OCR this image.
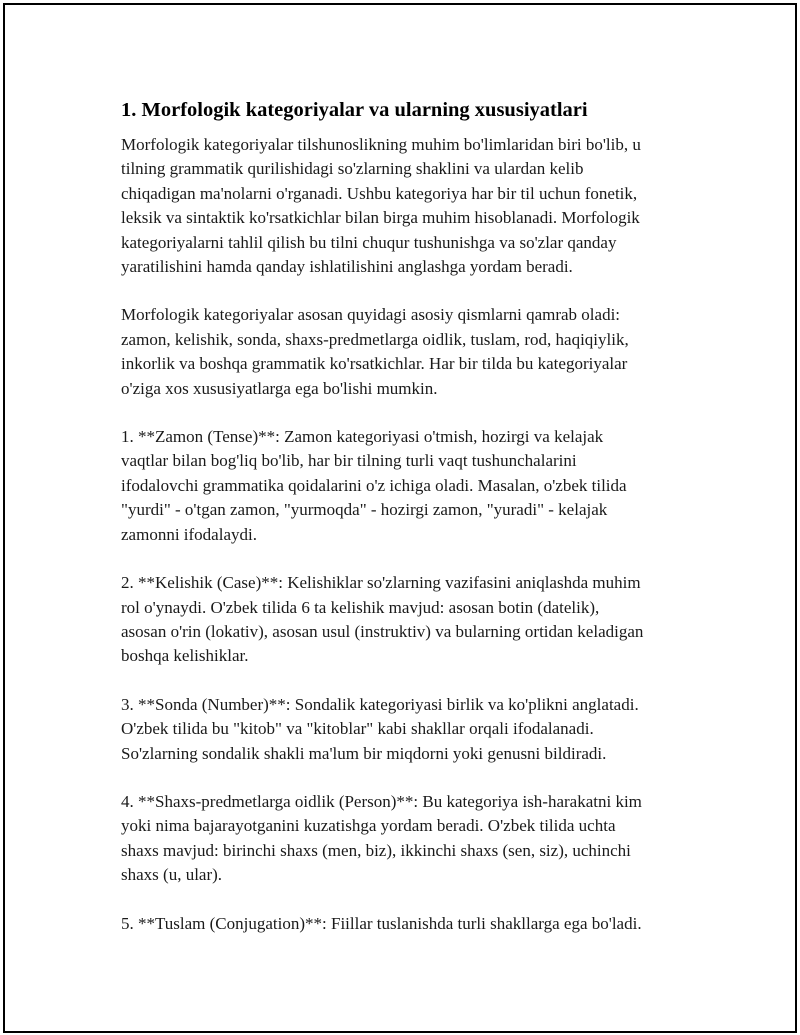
1. Morfologik kategoriyalar va ularning xususiyatlari

Morfologik kategoriyalar tilshunoslikning muhim bo'limlaridan biri bo'lib, u
tilning grammatik qurilishidagi so'zlarning shaklini va ulardan kelib
chiqadigan ma'nolarni o'rganadi. Ushbu kategoriya har bir til uchun fonetik,
leksik va sintaktik ko'rsatkichlar bilan birga muhim hisoblanadi. Morfologik
kategoriyalarni tahlil qilish bu tilni chuqur tushunishga va so'zlar qanday
yaratilishini hamda qanday ishlatilishini anglashga yordam beradi.

Morfologik kategoriyalar asosan quyidagi asosiy qismlarni qamrab oladi:
zamon, kelishik, sonda, shaxs-predmetlarga oidlik, tuslam, rod, haqiqiylik,
inkorlik va boshqa grammatik ko'rsatkichlar. Har bir tilda bu kategoriyalar
o'ziga xos xususiyatlarga ega bo'lishi mumkin.

1. **Zamon (Tense)**: Zamon kategoriyasi o'tmish, hozirgi va kelajak
vaqtlar bilan bog'liq bo'lib, har bir tilning turli vaqt tushunchalarini
ifodalovchi grammatika qoidalarini o'z ichiga oladi. Masalan, o'zbek tilida
"yurdi" - o'tgan zamon, "yurmoqda" - hozirgi zamon, "yuradi" - kelajak
zamonni ifodalaydi.

2. **Kelishik (Case)**: Kelishiklar so'zlarning vazifasini aniqlashda muhim
rol o'ynaydi. O'zbek tilida 6 ta kelishik mavjud: asosan botin (datelik),
asosan o'rin (lokativ), asosan usul (instruktiv) va bularning ortidan keladigan
boshqa kelishiklar.

3. **Sonda (Number)**: Sondalik kategoriyasi birlik va ko'plikni anglatadi.
O'zbek tilida bu "kitob" va "kitoblar" kabi shakllar orqali ifodalanadi.
So'zlarning sondalik shakli ma'lum bir miqdorni yoki genusni bildiradi.

4. **Shaxs-predmetlarga oidlik (Person)**: Bu kategoriya ish-harakatni kim
yoki nima bajarayotganini kuzatishga yordam beradi. O'zbek tilida uchta
shaxs mavjud: birinchi shaxs (men, biz), ikkinchi shaxs (sen, siz), uchinchi
shaxs (u, ular).

5. **Tuslam (Conjugation)**: Fiillar tuslanishda turli shakllarga ega bo'ladi.
